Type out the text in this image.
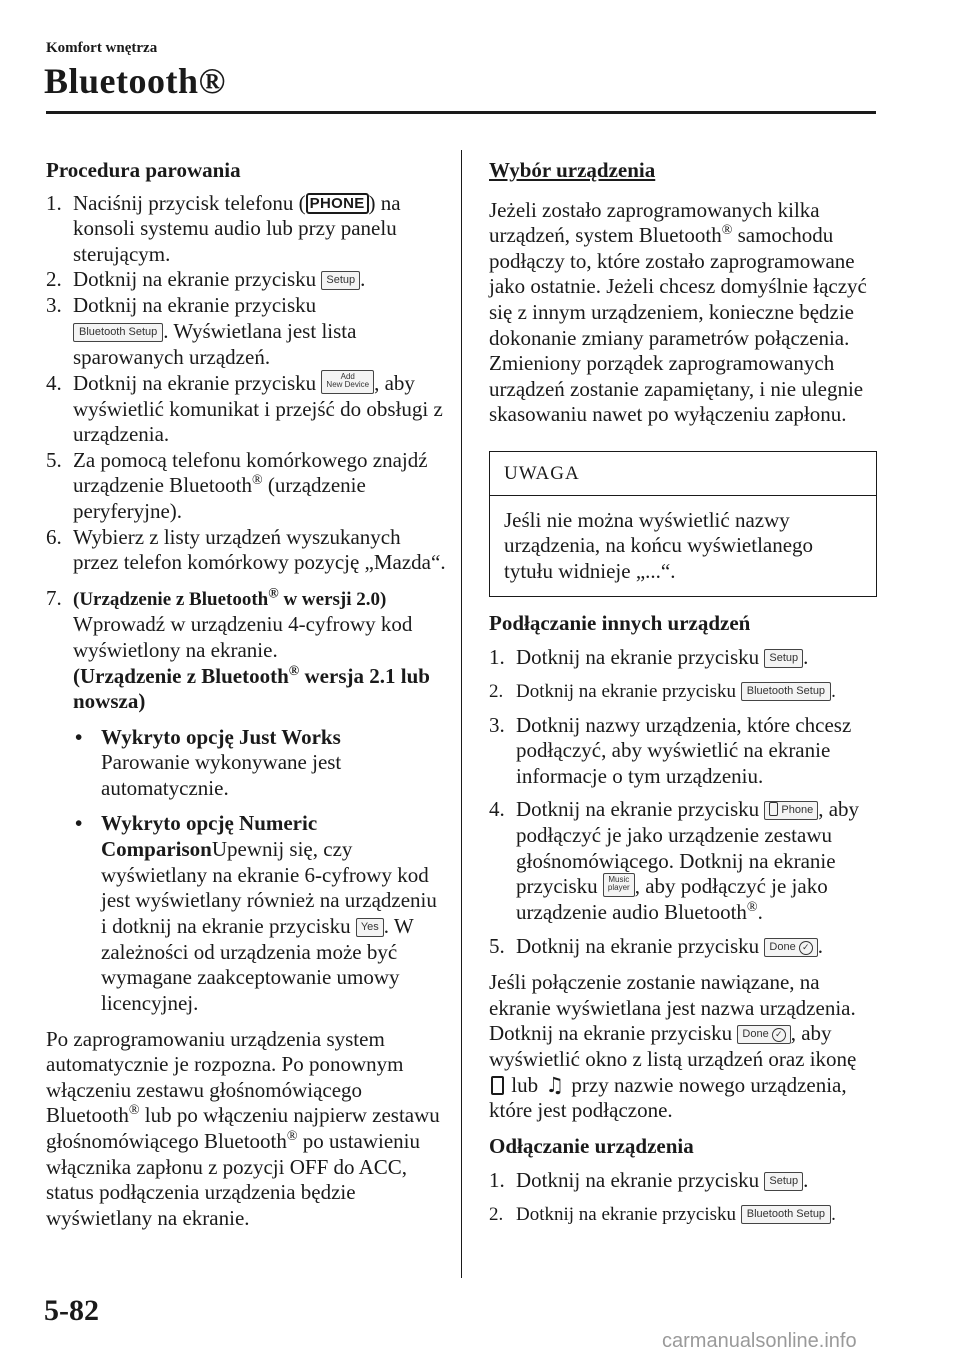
Komfort wnętrza
Bluetooth®

Procedura parowania

1. Naciśnij przycisk telefonu ( PHONE ) na konsoli systemu audio lub przy panelu sterującym.
2. Dotknij na ekranie przycisku Setup .
3. Dotknij na ekranie przycisku
Bluetooth Setup . Wyświetlana jest lista sparowanych urządzeń.
4. Dotknij na ekranie przycisku	Add
New Device , aby wyświetlić komunikat i przejść do obsługi z urządzenia.
5. Za pomocą telefonu komórkowego znajdź urządzenie Bluetooth® (urządzenie peryferyjne).
6. Wybierz z listy urządzeń wyszukanych przez telefon komórkowy pozycję „Mazda“.
7. (Urządzenie z Bluetooth® w wersji 2.0)
Wprowadź w urządzeniu 4-cyfrowy kod wyświetlony na ekranie.
(Urządzenie z Bluetooth® wersja 2.1 lub nowsza)
• Wykryto opcję Just Works
Parowanie wykonywane jest automatycznie.
• Wykryto opcję Numeric ComparisonUpewnij się, czy wyświetlany na ekranie 6-cyfrowy kod jest wyświetlany również na urządzeniu i dotknij na ekranie przycisku Yes . W zależności od urządzenia może być wymagane zaakceptowanie umowy licencyjnej.

Po zaprogramowaniu urządzenia system automatycznie je rozpozna. Po ponownym włączeniu zestawu głośnomówiącego Bluetooth® lub po włączeniu najpierw zestawu głośnomówiącego Bluetooth® po ustawieniu włącznika zapłonu z pozycji OFF do ACC, status podłączenia urządzenia będzie wyświetlany na ekranie.

Wybór urządzenia

Jeżeli zostało zaprogramowanych kilka urządzeń, system Bluetooth® samochodu podłączy to, które zostało zaprogramowane jako ostatnie. Jeżeli chcesz domyślnie łączyć się z innym urządzeniem, konieczne będzie dokonanie zmiany parametrów połączenia. Zmieniony porządek zaprogramowanych urządzeń zostanie zapamiętany, i nie ulegnie skasowaniu nawet po wyłączeniu zapłonu.

UWAGA
Jeśli nie można wyświetlić nazwy urządzenia, na końcu wyświetlanego tytułu widnieje „...“.

Podłączanie innych urządzeń

1. Dotknij na ekranie przycisku Setup .
2. Dotknij na ekranie przycisku Bluetooth Setup .
3. Dotknij nazwy urządzenia, które chcesz podłączyć, aby wyświetlić na ekranie informacje o tym urządzeniu.
4. Dotknij na ekranie przycisku Phone , aby podłączyć je jako urządzenie zestawu głośnomówiącego. Dotknij na ekranie przycisku Music
player , aby podłączyć je jako urządzenie audio Bluetooth®.
5. Dotknij na ekranie przycisku Done ✓ .

Jeśli połączenie zostanie nawiązane, na ekranie wyświetlana jest nazwa urządzenia. Dotknij na ekranie przycisku Done ✓ , aby wyświetlić okno z listą urządzeń oraz ikonę  lub ♫ przy nazwie nowego urządzenia, które jest podłączone.

Odłączanie urządzenia

1. Dotknij na ekranie przycisku Setup .
2. Dotknij na ekranie przycisku Bluetooth Setup .
5-82
carmanualsonline.info
